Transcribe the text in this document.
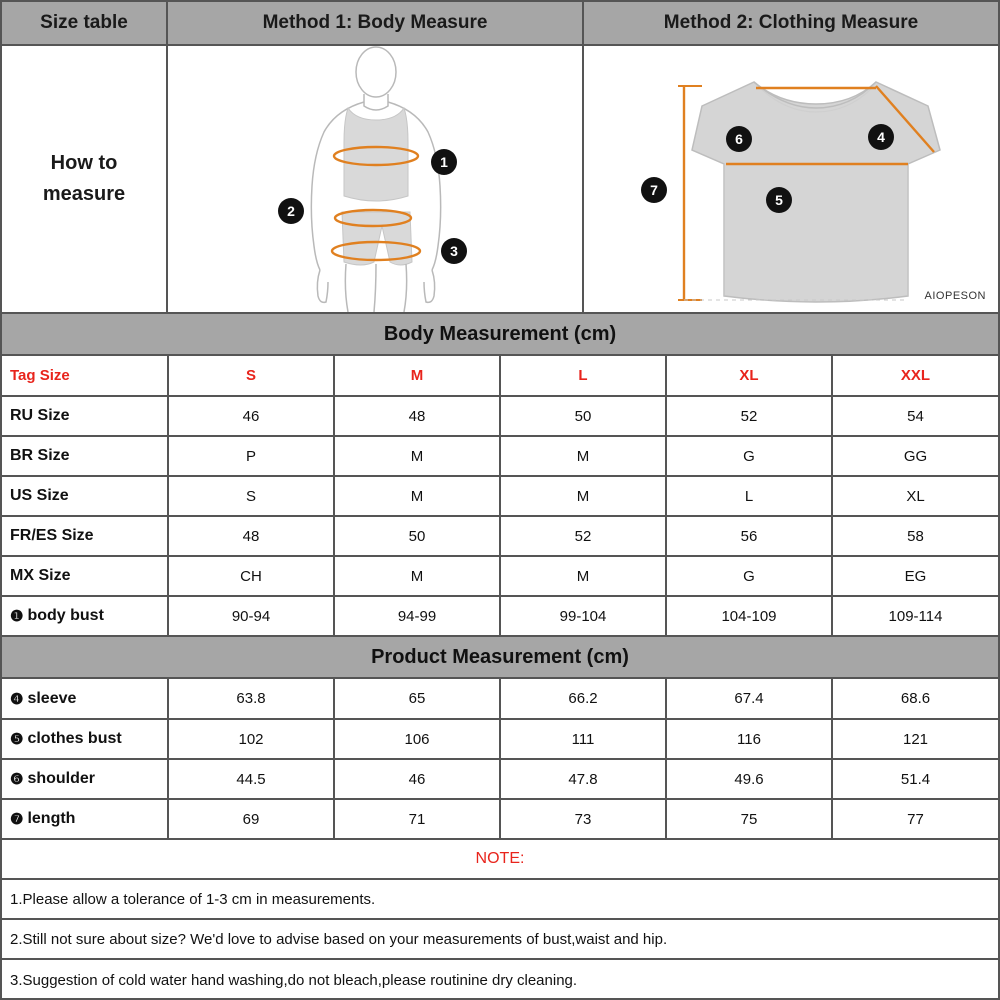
Size table	Method 1: Body Measure	Method 2: Clothing Measure
How to
measure
1
2
3
6	4
7
5
AIOPESON
Body Measurement (cm)
Tag Size	S	M	L	XL	XXL
RU Size	46	48	50	52	54
BR Size	P	M	M	G	GG
US Size	S	M	M	L	XL
FR/ES Size	48	50	52	56	58
MX Size	CH	M	M	G	EG
❶ body bust	90-94	94-99	99-104	104-109	109-114
Product Measurement (cm)
❹ sleeve	63.8	65	66.2	67.4	68.6
❺ clothes bust	102	106	111	116	121
❻ shoulder	44.5	46	47.8	49.6	51.4
❼ length	69	71	73	75	77
NOTE:
1.Please allow a tolerance of 1-3 cm in measurements.
2.Still not sure about size? We'd love to advise based on your measurements of bust,waist and hip.
3.Suggestion of cold water hand washing,do not bleach,please routinine dry cleaning.
